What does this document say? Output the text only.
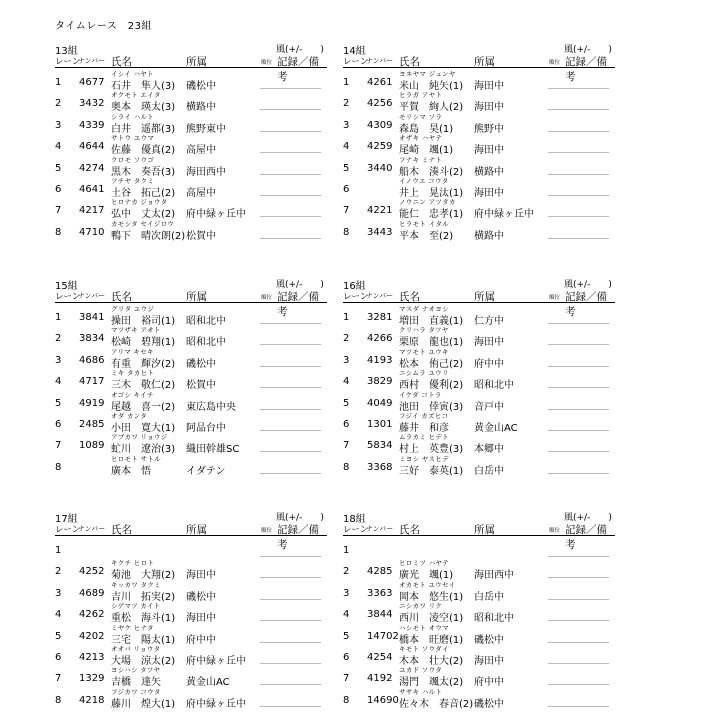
タイムレース　23組
13組	風(+/-　　)
レーン
ナンバー 氏名	所属	順位 記録／備考
イシイ ハヤト
1 4677 石井　隼人(3) 磯松中
オクモト エイタ
2 3432 奥本　瑛太(3) 横路中
シライ ハルト
3 4339 白井　遥都(3) 熊野東中
サトウ ユウマ
4 4644 佐藤　優真(2) 高屋中
クロモ ソウゴ
5 4274 黒木　奏吾(3) 海田西中
ツチヤ タクミ
6 4641 土谷　拓己(2) 高屋中
ヒロナカ ジョウタ
7 4217 弘中　丈太(2) 府中緑ヶ丘中
カモシタ セイジロウ
8 4710 鴨下　晴次朗(2) 松賀中
14組	風(+/-　　)
レーン
ナンバー 氏名	所属	順位 記録／備考
ヨネヤマ ジュンヤ
1 4261 米山　純矢(1) 海田中
ヒラガ アヤト
2 4256 平賀　絢人(2) 海田中
モリシマ ソラ
3 4309 森島　昊(1) 熊野中
オザキ ハヤテ
4 4259 尾崎　颯(1) 海田中
フナキ ミナト
5 3440 船木　湊斗(2) 横路中
イノウエ コウタ
6	井上　晃汰(1) 海田中
ノウニン アツタカ
7 4221 能仁　忠孝(1) 府中緑ヶ丘中
ヒラモト イタル
8 3443 平本　至(2) 横路中
15組	風(+/-　　)
レーン
ナンバー 氏名	所属	順位 記録／備考
グリタ ユウジ
1 3841 操田　裕司(1) 昭和北中
マツザキ アオト
2 3834 松崎　碧翔(1) 昭和北中
アリマ キセキ
3 4686 有重　輝汐(2) 磯松中
ミキ タカヒト
4 4717 三木　敬仁(2) 松賀中
オゴシ キイチ
5 4919 尾越　喜一(2) 東広島中央
オダ カンタ
6 2485 小田　寛大(1) 阿品台中
アブカワ リョウジ
7 1089 虻川　遼治(3) 織田幹雄SC
ヒロモト サトル
8	廣本　悟	イダテン
16組	風(+/-　　)
レーン
ナンバー 氏名	所属	順位 記録／備考
マスダ ナオヨシ
1 3281 増田　直義(1) 仁方中
クリハラ タツヤ
2 4266 栗原　龍也(1) 海田中
マツモト ユウキ
3 4193 松本　侑己(2) 府中中
ニシムラ ユウリ
4 3829 西村　優利(2) 昭和北中
イケダ コトラ
5 4049 池田　倖寅(3) 音戸中
フジイ カズヒコ
6 1301 藤井　和彦	黄金山AC
ムラカミ ヒデト
7 5834 村上　英豊(3) 本郷中
ミヨシ ヤスヒデ
8 3368 三好　泰英(1) 白岳中
17組	風(+/-　　)
レーン
ナンバー 氏名	所属	順位 記録／備考
1
キクチ ヒロト
2 4252 菊池　大翔(2) 海田中
キッカワ タクミ
3 4689 吉川　拓実(2) 磯松中
シゲマツ カイト
4 4262 重松　海斗(1) 海田中
ミヤケ ヒナタ
5 4202 三宅　陽太(1) 府中中
オオバ リョウタ
6 4213 大場　涼太(2) 府中緑ヶ丘中
ヨシハシ タツヤ
7 1329 吉橋　達矢	黄金山AC
フジカワ コウタ
8 4218 藤川　煌大(1) 府中緑ヶ丘中
18組	風(+/-　　)
レーン
ナンバー 氏名	所属	順位 記録／備考
1
ヒロミツ ハヤテ
2 4285 廣光　颯(1) 海田西中
オカモト ユウセイ
3 3363 岡本　悠生(1) 白岳中
ニシカワ リク
4 3844 西川　凌空(1) 昭和北中
ハシモト オウマ
5 14702 橋本　旺磨(1) 磯松中
キモト ソウダイ
6 4254 木本　壮大(2) 海田中
ユカド ソウタ
7 4192 湯門　颯太(2) 府中中
ササキ ハルト
8 14690 佐々木　春音(2) 磯松中
